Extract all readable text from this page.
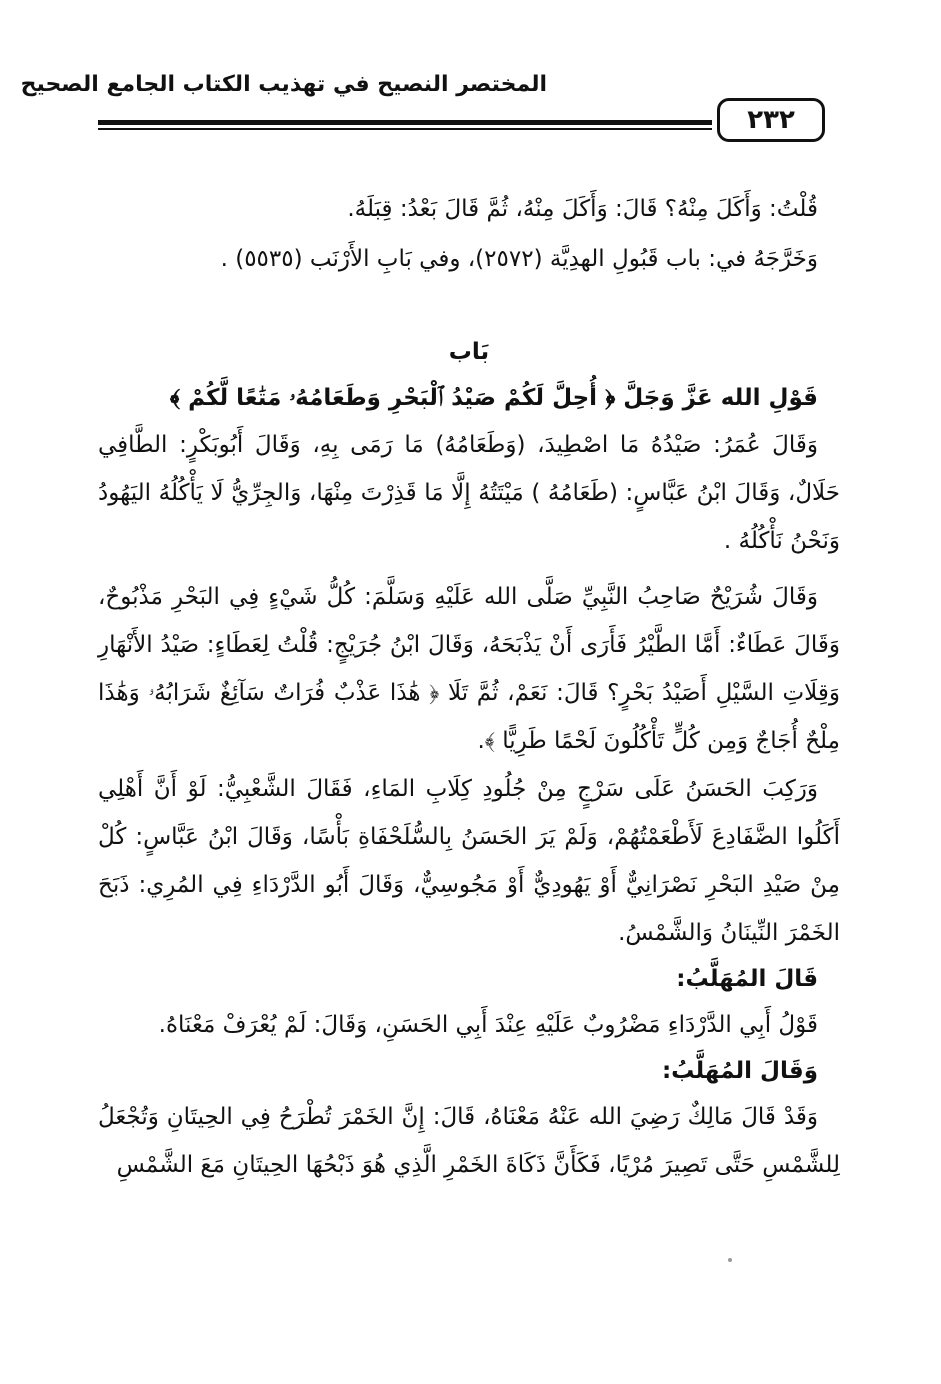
المختصر النصيح في تهذيب الكتاب الجامع الصحيح
٢٣٢

قُلْتُ: وَأَكَلَ مِنْهُ؟ قَالَ: وَأَكَلَ مِنْهُ، ثُمَّ قَالَ بَعْدُ: قِبَلَهُ.

وَخَرَّجَهُ في: باب قَبُولِ الهدِيَّة (٢٥٧٢)، وفي بَابِ الأَرْنَب (٥٥٣٥) .

بَاب

قَوْلِ الله عَزَّ وَجَلَّ ﴿ أُحِلَّ لَكُمْ صَيْدُ ٱلْبَحْرِ وَطَعَامُهُۥ مَتَٰعًا لَّكُمْ ﴾

وَقَالَ عُمَرُ: صَيْدُهُ مَا اصْطِيدَ، (وَطَعَامُهُ) مَا رَمَى بِهِ، وَقَالَ أَبُوبَكْرٍ: الطَّافِي حَلَالٌ، وَقَالَ ابْنُ عَبَّاسٍ: (طَعَامُهُ ) مَيْتَتُهُ إِلَّا مَا قَذِرْتَ مِنْهَا، وَالجِرِّيُّ لَا يَأْكُلُهُ اليَهُودُ وَنَحْنُ نَأْكُلُهُ .

وَقَالَ شُرَيْحٌ صَاحِبُ النَّبِيِّ صَلَّى الله عَلَيْهِ وَسَلَّمَ: كُلُّ شَيْءٍ فِي البَحْرِ مَذْبُوحٌ، وَقَالَ عَطَاءٌ: أَمَّا الطَّيْرُ فَأَرَى أَنْ يَذْبَحَهُ، وَقَالَ ابْنُ جُرَيْجٍ: قُلْتُ لِعَطَاءٍ: صَيْدُ الأَنْهَارِ وَقِلَاتِ السَّيْلِ أَصَيْدُ بَحْرٍ؟ قَالَ: نَعَمْ، ثُمَّ تَلَا ﴿ هَٰذَا عَذْبٌ فُرَاتٌ سَآئِغٌ شَرَابُهُۥ وَهَٰذَا مِلْحٌ أُجَاجٌ وَمِن كُلٍّ تَأْكُلُونَ لَحْمًا طَرِيًّا ﴾.

وَرَكِبَ الحَسَنُ عَلَى سَرْجٍ مِنْ جُلُودِ كِلَابِ المَاءِ، فَقَالَ الشَّعْبِيُّ: لَوْ أَنَّ أَهْلِي أَكَلُوا الضَّفَادِعَ لَأَطْعَمْتُهُمْ، وَلَمْ يَرَ الحَسَنُ بِالسُّلَحْفَاةِ بَأْسًا، وَقَالَ ابْنُ عَبَّاسٍ: كُلْ مِنْ صَيْدِ البَحْرِ نَصْرَانِيٌّ أَوْ يَهُودِيٌّ أَوْ مَجُوسِيٌّ، وَقَالَ أَبُو الدَّرْدَاءِ فِي المُرِي: ذَبَحَ الخَمْرَ النِّينَانُ وَالشَّمْسُ.

قَالَ المُهَلَّبُ:

قَوْلُ أَبِي الدَّرْدَاءِ مَضْرُوبٌ عَلَيْهِ عِنْدَ أَبِي الحَسَنِ، وَقَالَ: لَمْ يُعْرَفْ مَعْنَاهُ.

وَقَالَ المُهَلَّبُ:

وَقَدْ قَالَ مَالِكٌ رَضِيَ الله عَنْهُ مَعْنَاهُ، قَالَ: إِنَّ الخَمْرَ تُطْرَحُ فِي الحِيتَانِ وَتُجْعَلُ لِلشَّمْسِ حَتَّى تَصِيرَ مُرْيًا، فَكَأَنَّ ذَكَاةَ الخَمْرِ الَّذِي هُوَ ذَبْحُهَا الحِيتَانِ مَعَ الشَّمْسِ
